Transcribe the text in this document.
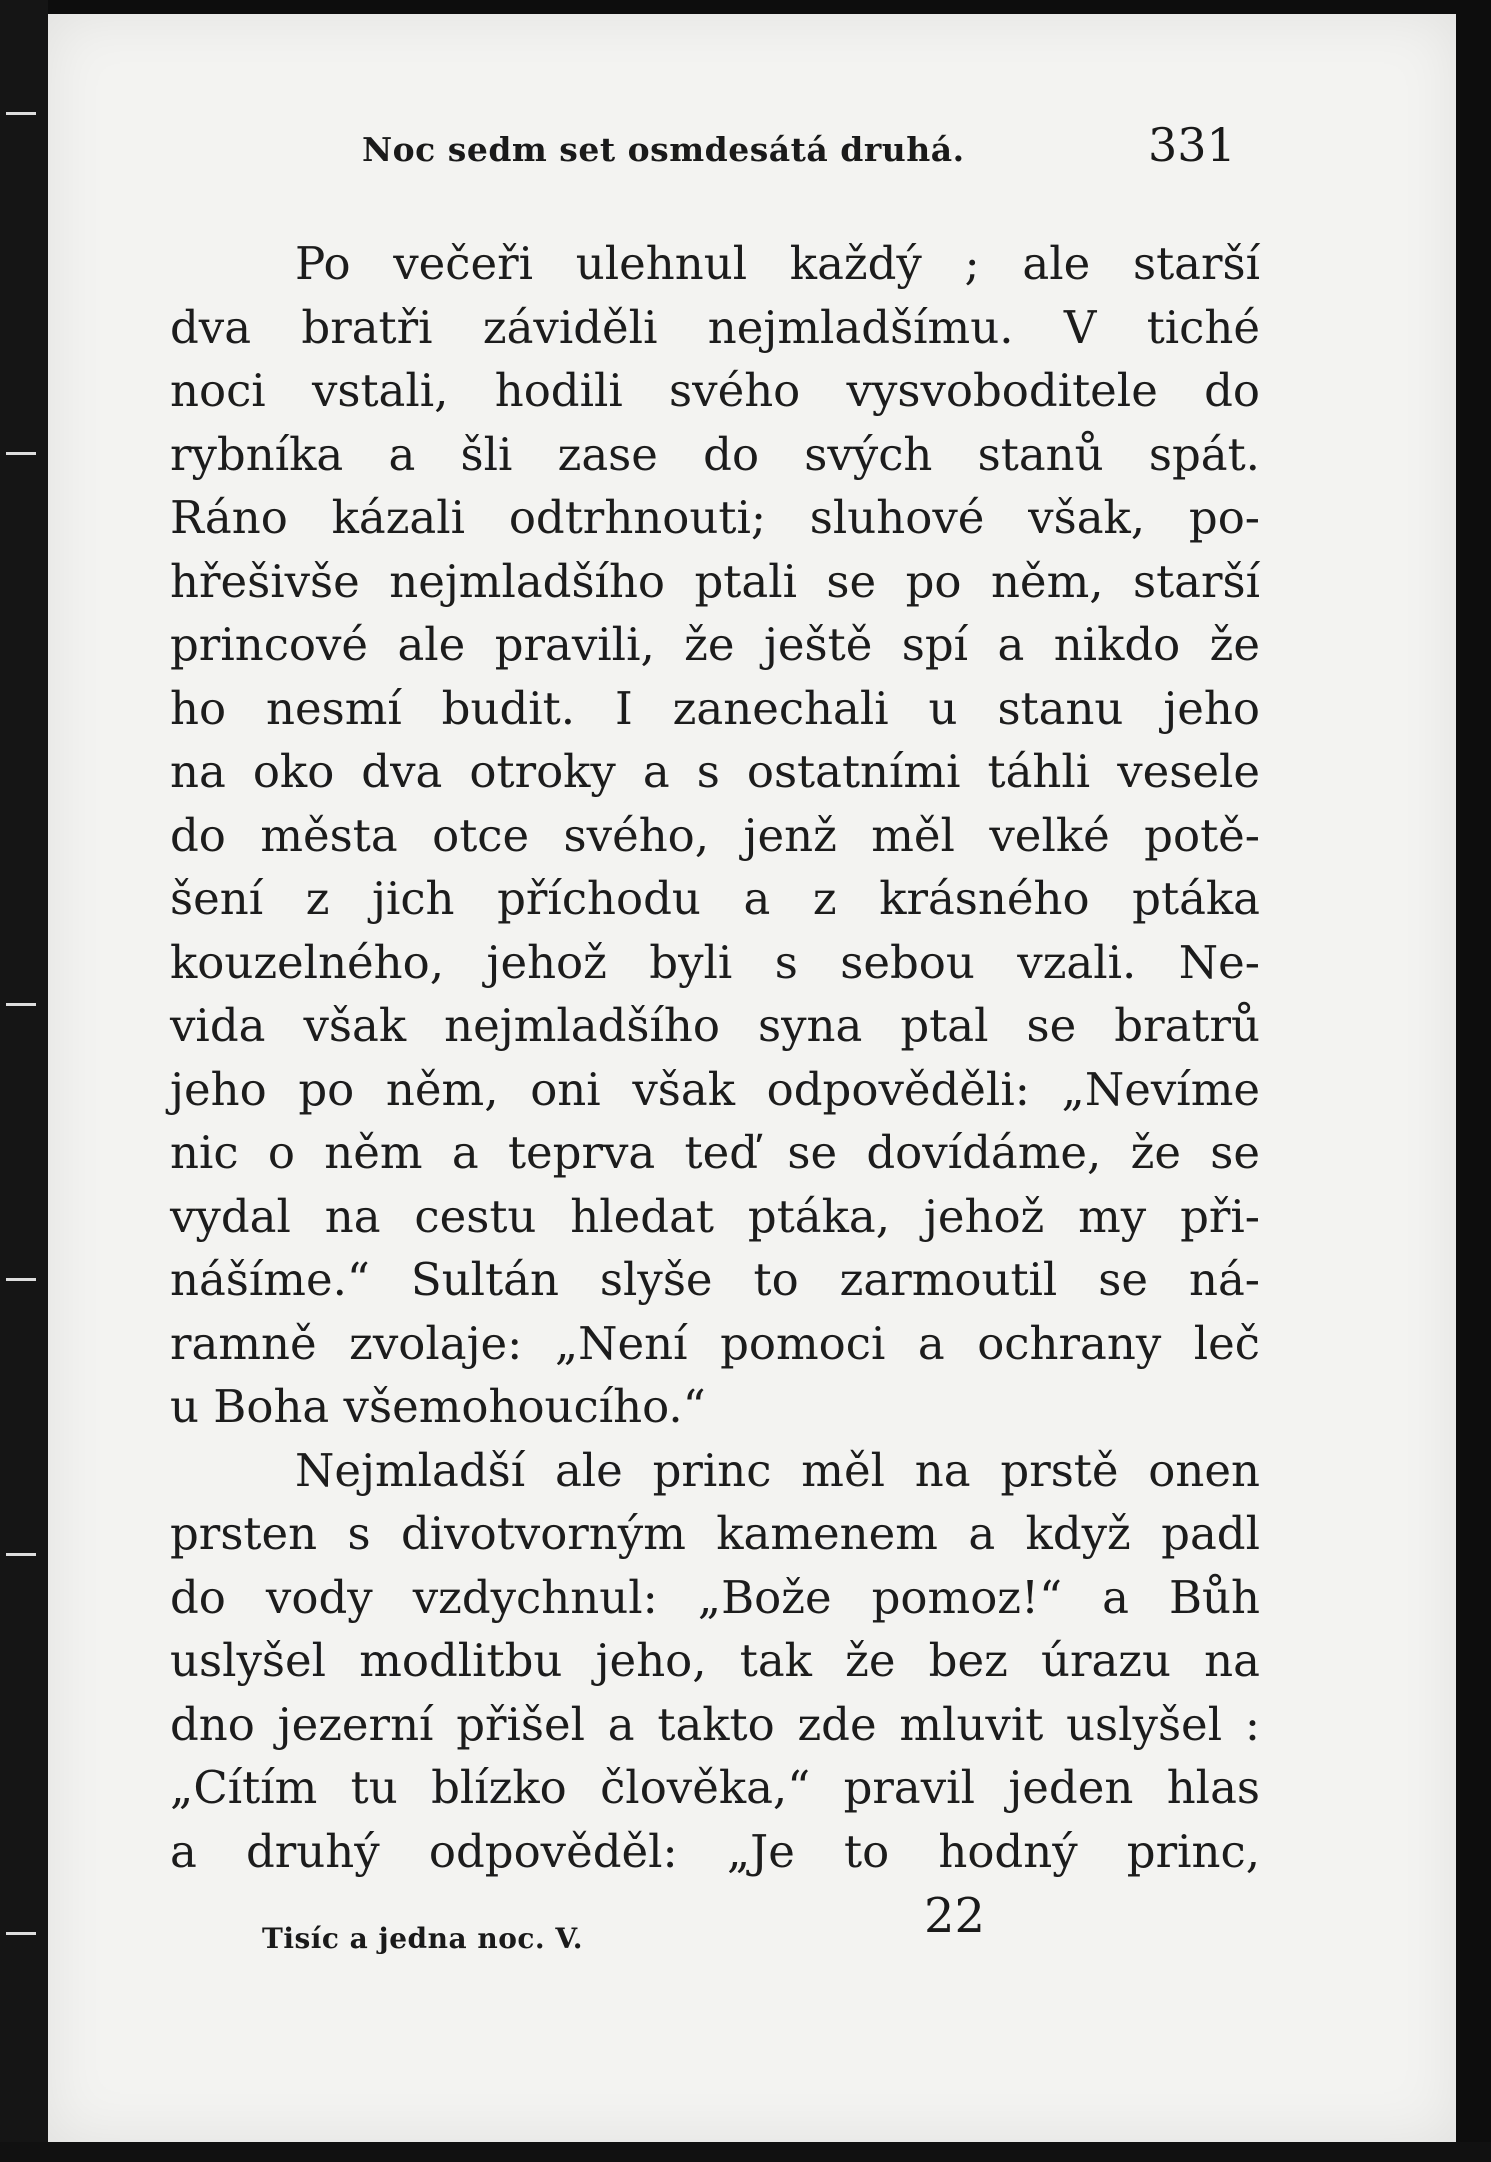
Noc sedm set osmdesátá druhá.	331
Po večeři ulehnul každý ; ale starší
dva bratři záviděli nejmladšímu. V tiché
noci vstali, hodili svého vysvoboditele do
rybníka a šli zase do svých stanů spát.
Ráno kázali odtrhnouti; sluhové však, po-
hřešivše nejmladšího ptali se po něm, starší
princové ale pravili, že ještě spí a nikdo že
ho nesmí budit. I zanechali u stanu jeho
na oko dva otroky a s ostatními táhli vesele
do města otce svého, jenž měl velké potě-
šení z jich příchodu a z krásného ptáka
kouzelného, jehož byli s sebou vzali. Ne-
vida však nejmladšího syna ptal se bratrů
jeho po něm, oni však odpověděli: „Nevíme
nic o něm a teprva teď se dovídáme, že se
vydal na cestu hledat ptáka, jehož my při-
nášíme.“ Sultán slyše to zarmoutil se ná-
ramně zvolaje: „Není pomoci a ochrany leč
u Boha všemohoucího.“
Nejmladší ale princ měl na prstě onen
prsten s divotvorným kamenem a když padl
do vody vzdychnul: „Bože pomoz!“ a Bůh
uslyšel modlitbu jeho, tak že bez úrazu na
dno jezerní přišel a takto zde mluvit uslyšel :
„Cítím tu blízko člověka,“ pravil jeden hlas
a druhý odpověděl: „Je to hodný princ,
Tisíc a jedna noc. V.	22
